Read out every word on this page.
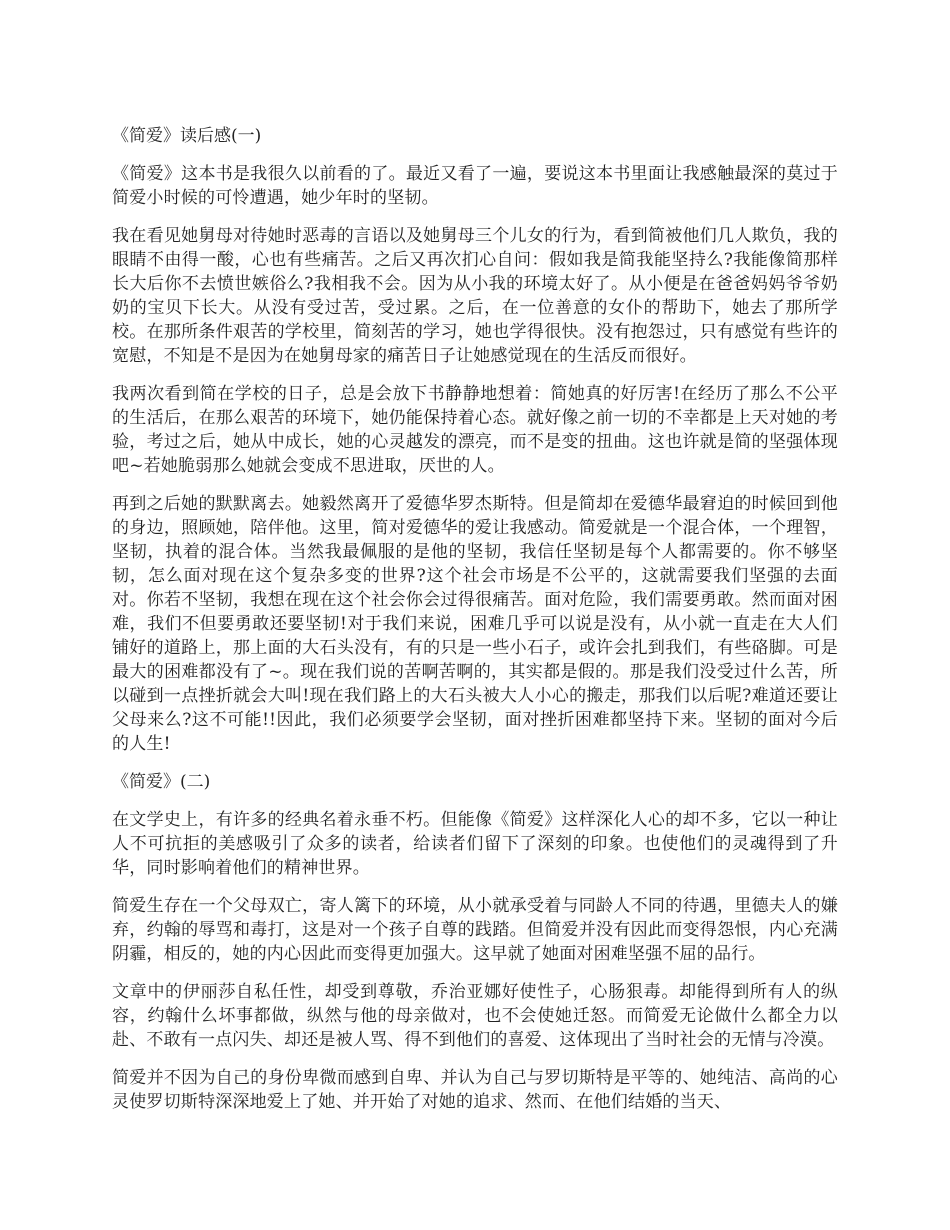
《简爱》读后感(一)

《简爱》这本书是我很久以前看的了。最近又看了一遍，要说这本书里面让我感触最深的莫过于简爱小时候的可怜遭遇，她少年时的坚韧。

我在看见她舅母对待她时恶毒的言语以及她舅母三个儿女的行为，看到简被他们几人欺负，我的眼睛不由得一酸，心也有些痛苦。之后又再次扪心自问：假如我是简我能坚持么?我能像简那样长大后你不去愤世嫉俗么?我相我不会。因为从小我的环境太好了。从小便是在爸爸妈妈爷爷奶奶的宝贝下长大。从没有受过苦，受过累。之后，在一位善意的女仆的帮助下，她去了那所学校。在那所条件艰苦的学校里，简刻苦的学习，她也学得很快。没有抱怨过，只有感觉有些许的宽慰，不知是不是因为在她舅母家的痛苦日子让她感觉现在的生活反而很好。

我两次看到简在学校的日子，总是会放下书静静地想着：简她真的好厉害!在经历了那么不公平的生活后，在那么艰苦的环境下，她仍能保持着心态。就好像之前一切的不幸都是上天对她的考验，考过之后，她从中成长，她的心灵越发的漂亮，而不是变的扭曲。这也许就是简的坚强体现吧~若她脆弱那么她就会变成不思进取，厌世的人。

再到之后她的默默离去。她毅然离开了爱德华罗杰斯特。但是简却在爱德华最窘迫的时候回到他的身边，照顾她，陪伴他。这里，简对爱德华的爱让我感动。简爱就是一个混合体，一个理智，坚韧，执着的混合体。当然我最佩服的是他的坚韧，我信任坚韧是每个人都需要的。你不够坚韧，怎么面对现在这个复杂多变的世界?这个社会市场是不公平的，这就需要我们坚强的去面对。你若不坚韧，我想在现在这个社会你会过得很痛苦。面对危险，我们需要勇敢。然而面对困难，我们不但要勇敢还要坚韧!对于我们来说，困难几乎可以说是没有，从小就一直走在大人们铺好的道路上，那上面的大石头没有，有的只是一些小石子，或许会扎到我们，有些硌脚。可是最大的困难都没有了~。现在我们说的苦啊苦啊的，其实都是假的。那是我们没受过什么苦，所以碰到一点挫折就会大叫!现在我们路上的大石头被大人小心的搬走，那我们以后呢?难道还要让父母来么?这不可能!!因此，我们必须要学会坚韧，面对挫折困难都坚持下来。坚韧的面对今后的人生!

《简爱》(二)

在文学史上，有许多的经典名着永垂不朽。但能像《简爱》这样深化人心的却不多，它以一种让人不可抗拒的美感吸引了众多的读者，给读者们留下了深刻的印象。也使他们的灵魂得到了升华，同时影响着他们的精神世界。

简爱生存在一个父母双亡，寄人篱下的环境，从小就承受着与同龄人不同的待遇，里德夫人的嫌弃，约翰的辱骂和毒打，这是对一个孩子自尊的践踏。但简爱并没有因此而变得怨恨，内心充满阴霾，相反的，她的内心因此而变得更加强大。这早就了她面对困难坚强不屈的品行。

文章中的伊丽莎自私任性，却受到尊敬，乔治亚娜好使性子，心肠狠毒。却能得到所有人的纵容，约翰什么坏事都做，纵然与他的母亲做对，也不会使她迁怒。而简爱无论做什么都全力以赴、不敢有一点闪失、却还是被人骂、得不到他们的喜爱、这体现出了当时社会的无情与冷漠。

简爱并不因为自己的身份卑微而感到自卑、并认为自己与罗切斯特是平等的、她纯洁、高尚的心灵使罗切斯特深深地爱上了她、并开始了对她的追求、然而、在他们结婚的当天、
